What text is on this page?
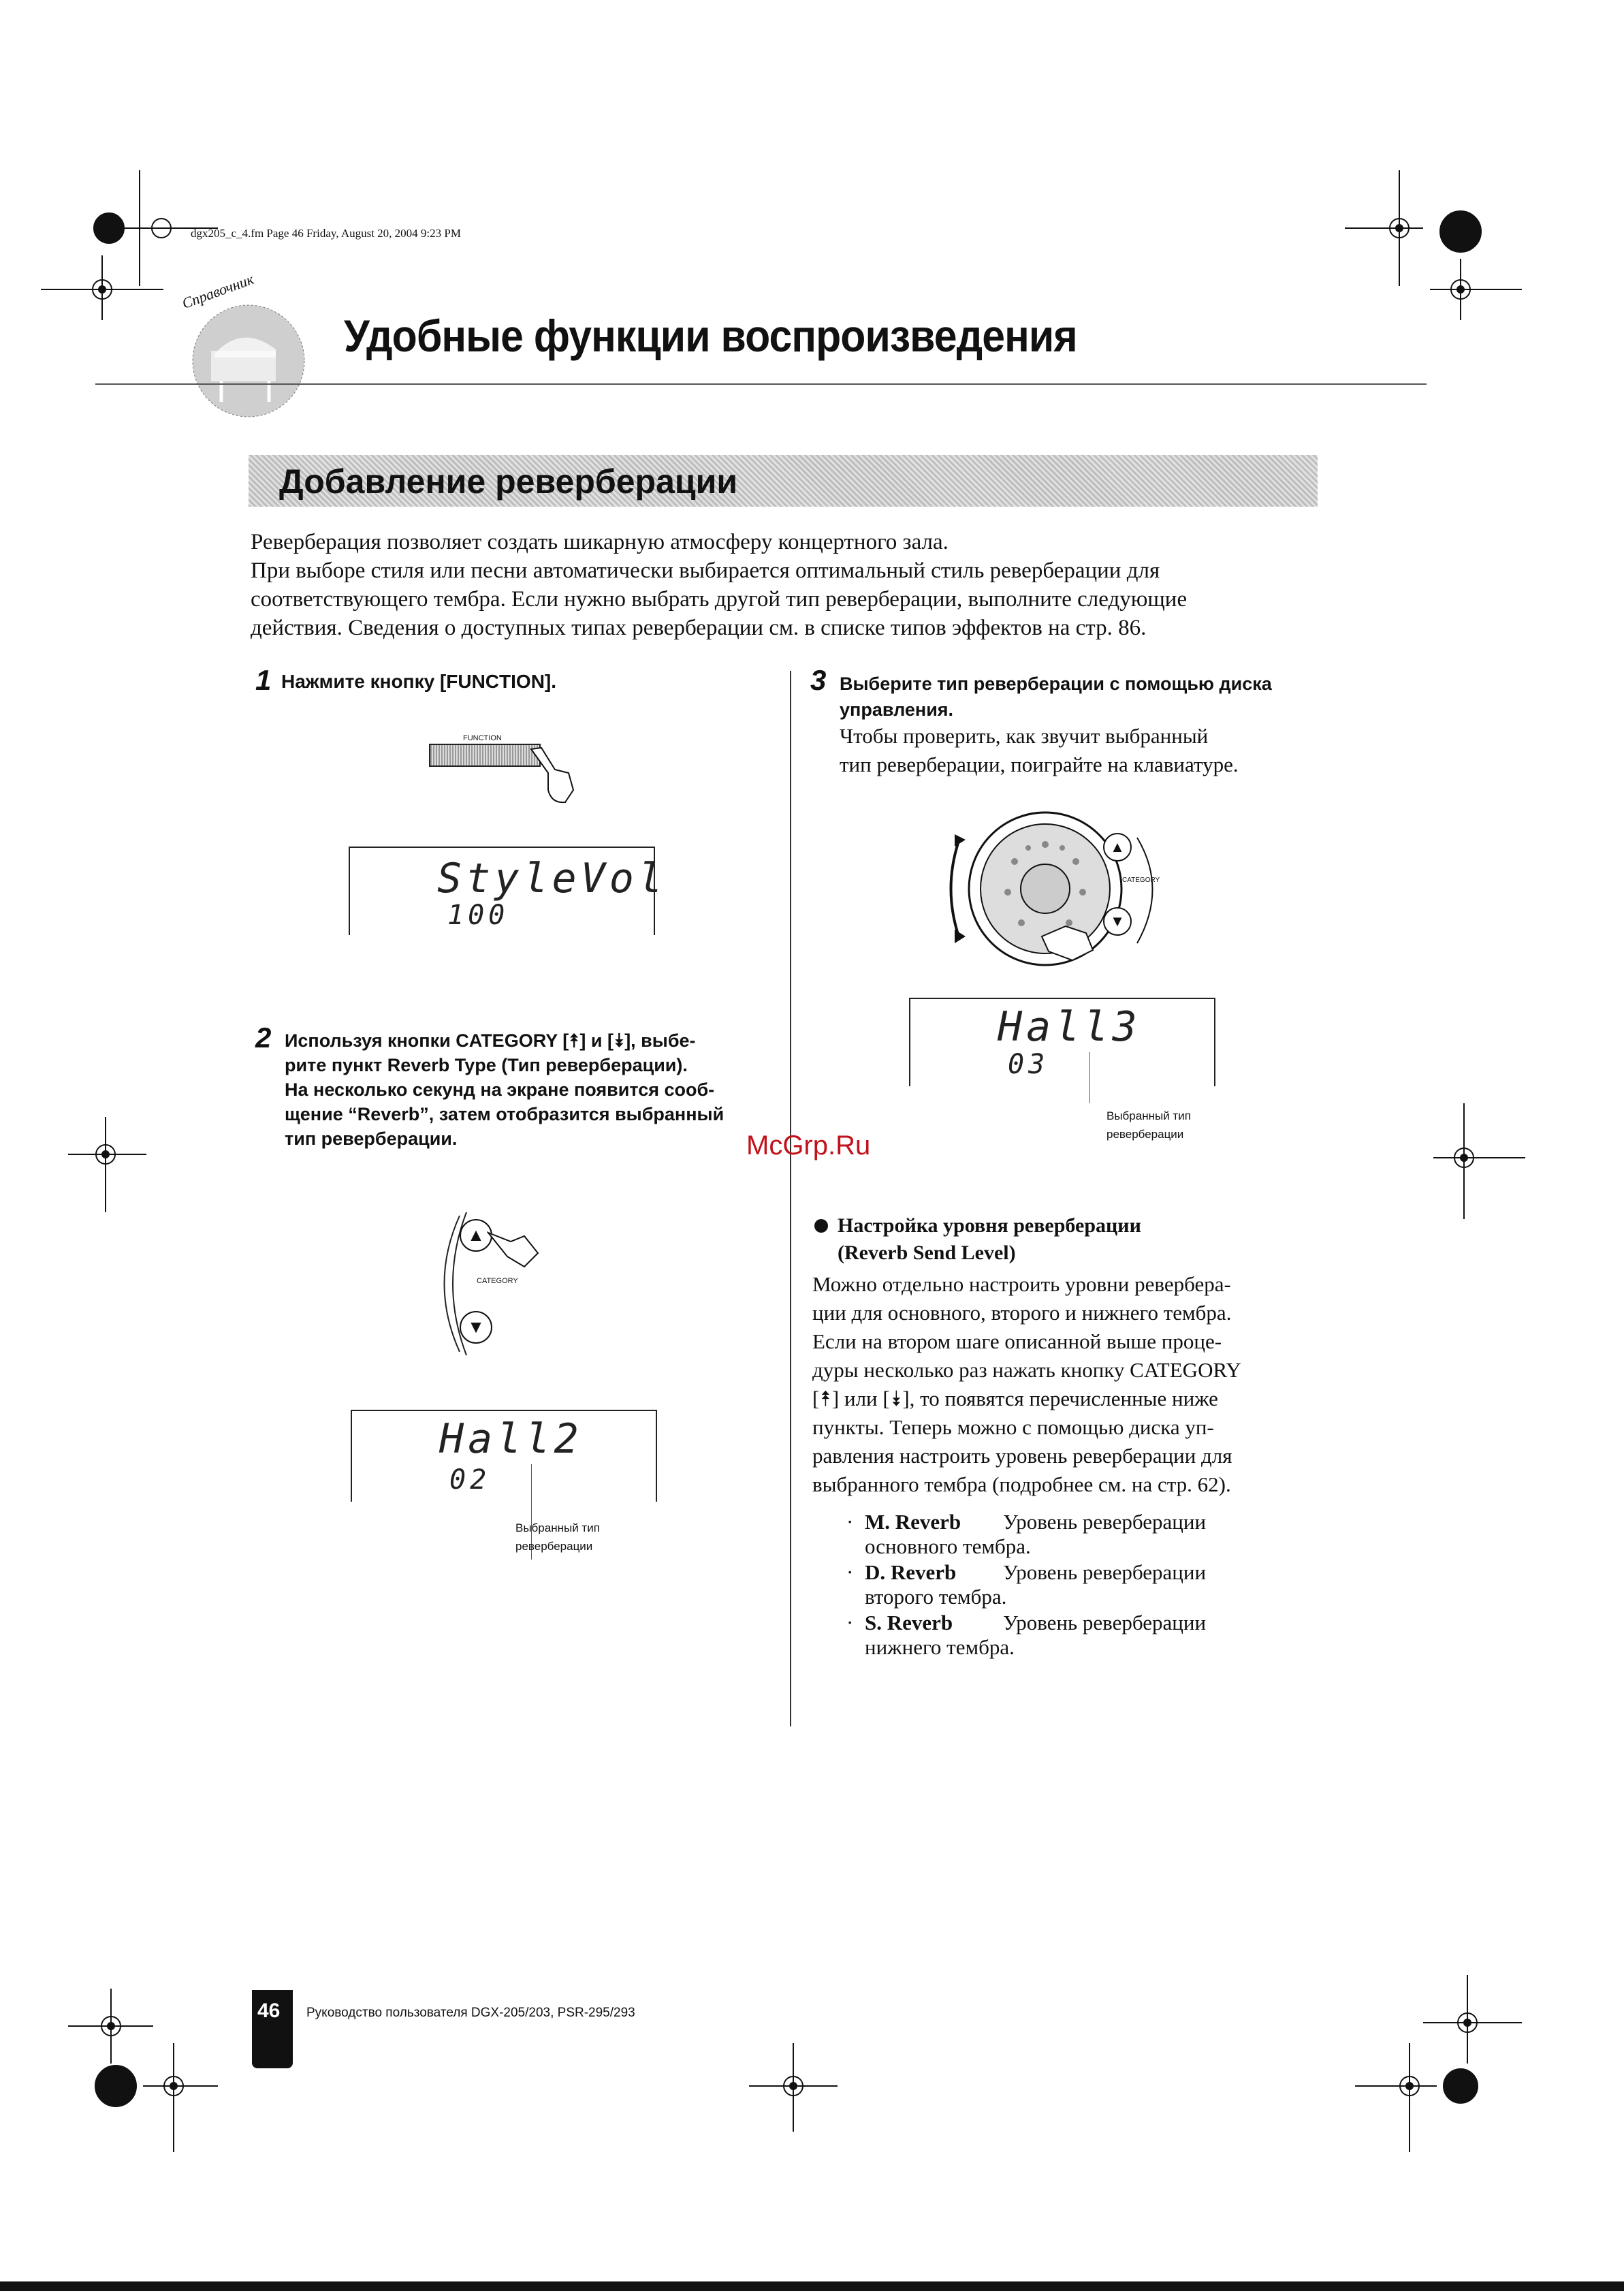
dgx205_c_4.fm Page 46 Friday, August 20, 2004 9:23 PM
Справочник
Удобные функции воспроизведения
Добавление реверберации
Реверберация позволяет создать шикарную атмосферу концертного зала.
При выборе стиля или песни автоматически выбирается оптимальный стиль реверберации для
соответствующего тембра. Если нужно выбрать другой тип реверберации, выполните следующие
действия. Сведения о доступных типах реверберации см. в списке типов эффектов на стр. 86.
1 Нажмите кнопку [FUNCTION].
FUNCTION
StyleVol
100
2 Используя кнопки CATEGORY [⯭] и [⯯], выбе-
рите пункт Reverb Type (Тип реверберации).
На несколько секунд на экране появится сооб-
щение “Reverb”, затем отобразится выбранный
тип реверберации.
▲
▼
CATEGORY
Hall2
02
Выбранный тип
реверберации
3 Выберите тип реверберации с помощью диска
управления.
Чтобы проверить, как звучит выбранный
тип реверберации, поиграйте на клавиатуре.
▲
▼
CATEGORY
Hall3
03
Выбранный тип
реверберации
McGrp.Ru
Настройка уровня реверберации
(Reverb Send Level)
Можно отдельно настроить уровни ревербера-
ции для основного, второго и нижнего тембра.
Если на втором шаге описанной выше проце-
дуры несколько раз нажать кнопку CATEGORY
[⯭] или [⯯], то появятся перечисленные ниже
пункты. Теперь можно с помощью диска уп-
равления настроить уровень реверберации для
выбранного тембра (подробнее см. на стр. 62).
· M. Reverb Уровень реверберации
основного тембра.
· D. Reverb Уровень реверберации
второго тембра.
· S. Reverb Уровень реверберации
нижнего тембра.
46 Руководство пользователя DGX-205/203, PSR-295/293
